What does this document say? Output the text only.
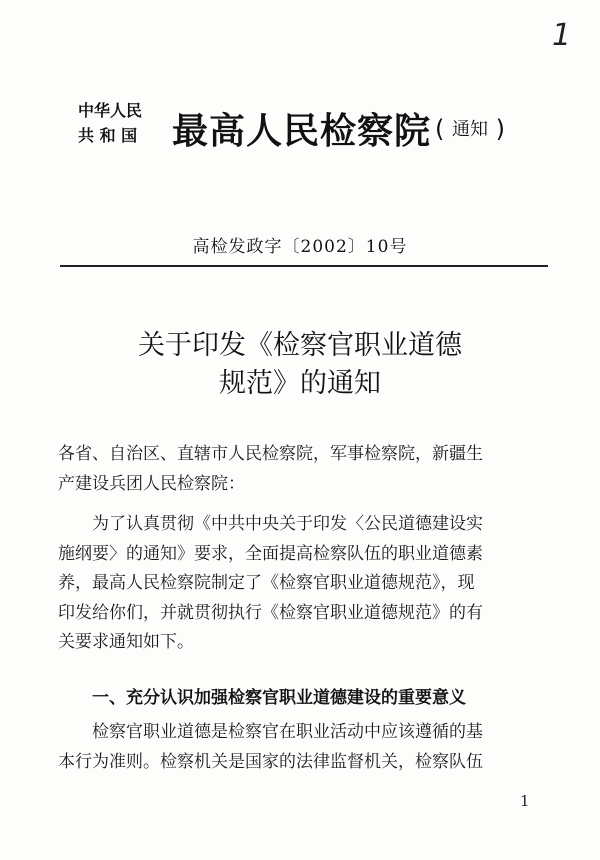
1
中华人民
共 和 国 最高人民检察院 ( 通知 )
高检发政字〔2002〕10号
关于印发《检察官职业道德
规范》的通知
各省、自治区、直辖市人民检察院，军事检察院，新疆生
产建设兵团人民检察院：
为了认真贯彻《中共中央关于印发〈公民道德建设实
施纲要〉的通知》要求，全面提高检察队伍的职业道德素
养，最高人民检察院制定了《检察官职业道德规范》，现
印发给你们，并就贯彻执行《检察官职业道德规范》的有
关要求通知如下。
一、充分认识加强检察官职业道德建设的重要意义
检察官职业道德是检察官在职业活动中应该遵循的基
本行为准则。检察机关是国家的法律监督机关，检察队伍
1
